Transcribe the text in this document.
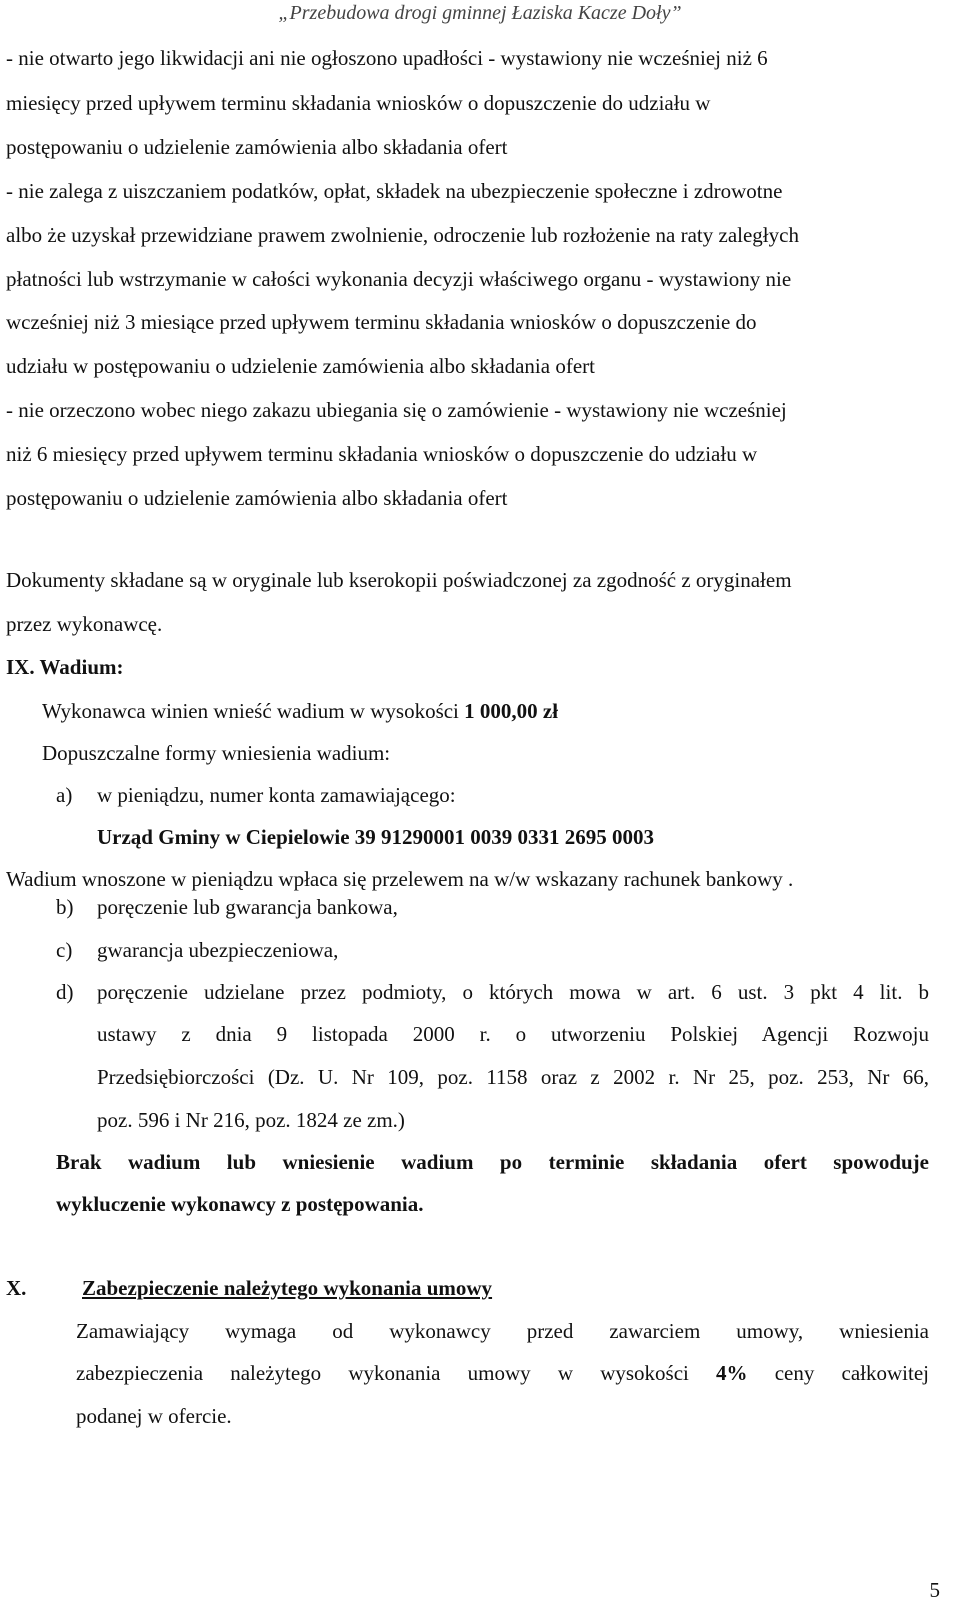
„Przebudowa drogi gminnej Łaziska Kacze Doły”
- nie otwarto jego likwidacji ani nie ogłoszono upadłości - wystawiony nie wcześniej niż 6
miesięcy przed upływem terminu składania wniosków o dopuszczenie do udziału w
postępowaniu o udzielenie zamówienia albo składania ofert
- nie zalega z uiszczaniem podatków, opłat, składek na ubezpieczenie społeczne i zdrowotne
albo że uzyskał przewidziane prawem zwolnienie, odroczenie lub rozłożenie na raty zaległych
płatności lub wstrzymanie w całości wykonania decyzji właściwego organu - wystawiony nie
wcześniej niż 3 miesiące przed upływem terminu składania wniosków o dopuszczenie do
udziału w postępowaniu o udzielenie zamówienia albo składania ofert
- nie orzeczono wobec niego zakazu ubiegania się o zamówienie - wystawiony nie wcześniej
niż 6 miesięcy przed upływem terminu składania wniosków o dopuszczenie do udziału w
postępowaniu o udzielenie zamówienia albo składania ofert
Dokumenty składane są w oryginale lub kserokopii poświadczonej za zgodność z oryginałem
przez wykonawcę.
IX. Wadium:
Wykonawca winien wnieść wadium w wysokości 1 000,00 zł
Dopuszczalne formy wniesienia wadium:
a) w pieniądzu, numer konta zamawiającego:
Urząd Gminy w Ciepielowie 39 91290001 0039 0331 2695 0003
Wadium wnoszone w pieniądzu wpłaca się przelewem na w/w wskazany rachunek bankowy .
b) poręczenie lub gwarancja bankowa,
c) gwarancja ubezpieczeniowa,
d) poręczenie udzielane przez podmioty, o których mowa w art. 6 ust. 3 pkt 4 lit. b
ustawy z dnia 9 listopada 2000 r. o utworzeniu Polskiej Agencji Rozwoju
Przedsiębiorczości (Dz. U. Nr 109, poz. 1158 oraz z 2002 r. Nr 25, poz. 253, Nr 66,
poz. 596 i Nr 216, poz. 1824 ze zm.)
Brak wadium lub wniesienie wadium po terminie składania ofert spowoduje
wykluczenie wykonawcy z postępowania.
X.	Zabezpieczenie należytego wykonania umowy
Zamawiający wymaga od wykonawcy przed zawarciem umowy, wniesienia
zabezpieczenia należytego wykonania umowy w wysokości 4% ceny całkowitej
podanej w ofercie.
5
